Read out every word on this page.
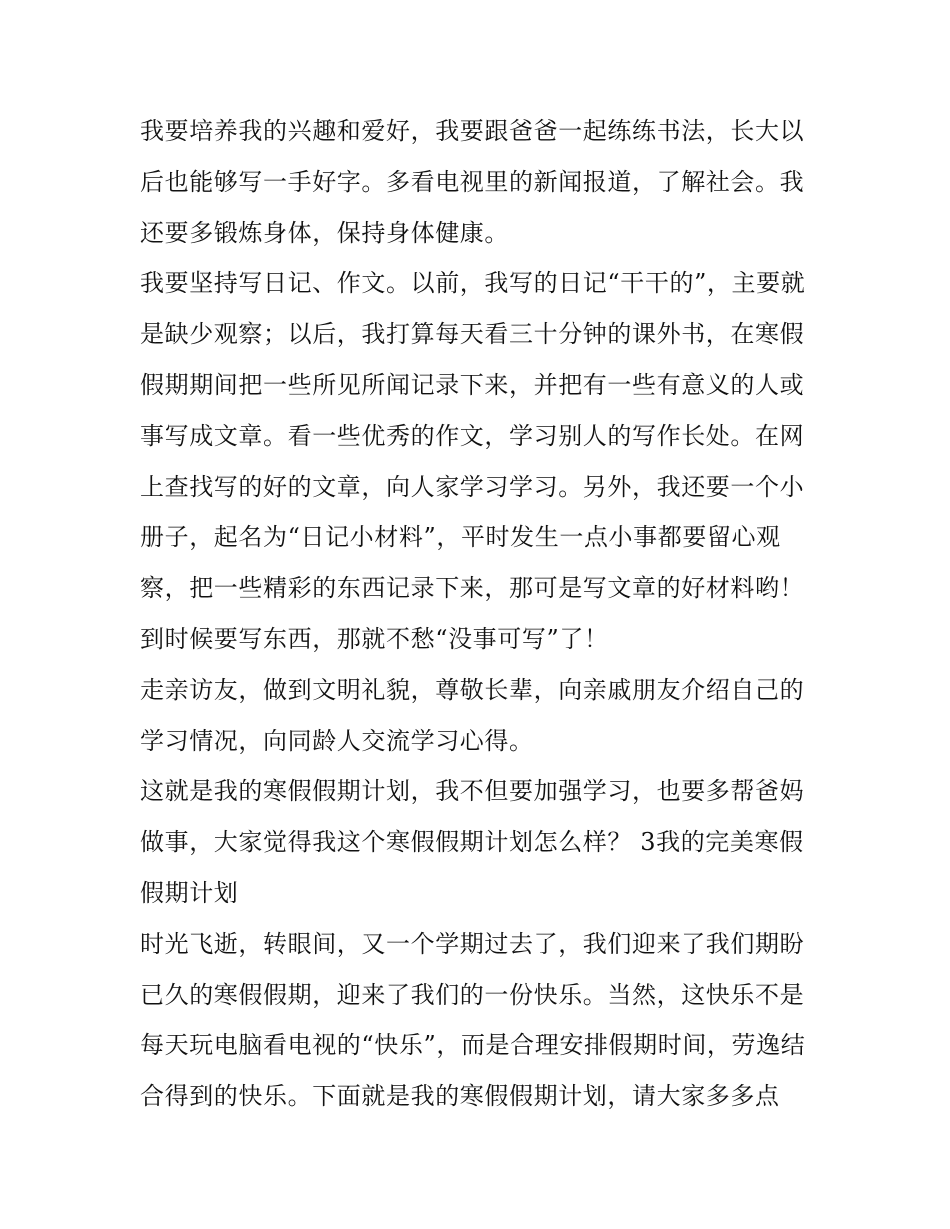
我要培养我的兴趣和爱好，我要跟爸爸一起练练书法，长大以
后也能够写一手好字。多看电视里的新闻报道，了解社会。我
还要多锻炼身体，保持身体健康。
我要坚持写日记、作文。以前，我写的日记“干干的”，主要就
是缺少观察；以后，我打算每天看三十分钟的课外书，在寒假
假期期间把一些所见所闻记录下来，并把有一些有意义的人或
事写成文章。看一些优秀的作文，学习别人的写作长处。在网
上查找写的好的文章，向人家学习学习。另外，我还要一个小
册子，起名为“日记小材料”，平时发生一点小事都要留心观
察，把一些精彩的东西记录下来，那可是写文章的好材料哟！
到时候要写东西，那就不愁“没事可写”了！
走亲访友，做到文明礼貌，尊敬长辈，向亲戚朋友介绍自己的
学习情况，向同龄人交流学习心得。
这就是我的寒假假期计划，我不但要加强学习，也要多帮爸妈
做事，大家觉得我这个寒假假期计划怎么样？ 3我的完美寒假
假期计划
时光飞逝，转眼间，又一个学期过去了，我们迎来了我们期盼
已久的寒假假期，迎来了我们的一份快乐。当然，这快乐不是
每天玩电脑看电视的“快乐”，而是合理安排假期时间，劳逸结
合得到的快乐。下面就是我的寒假假期计划，请大家多多点
